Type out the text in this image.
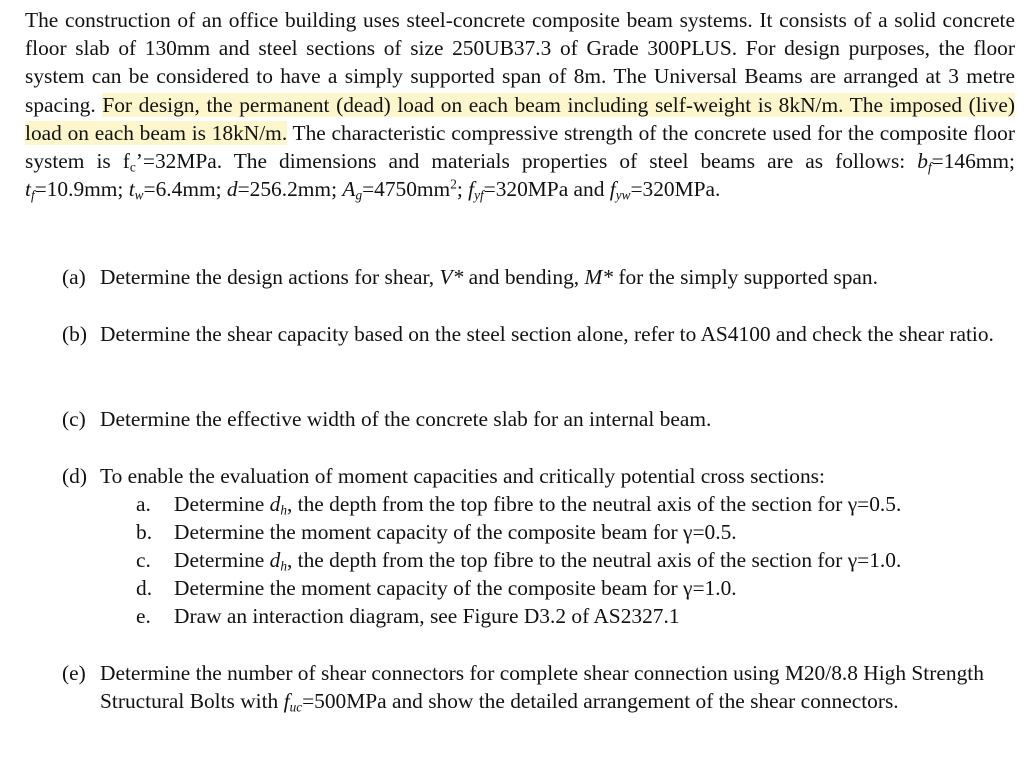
The construction of an office building uses steel-concrete composite beam systems. It consists of a solid concrete floor slab of 130mm and steel sections of size 250UB37.3 of Grade 300PLUS. For design purposes, the floor system can be considered to have a simply supported span of 8m. The Universal Beams are arranged at 3 metre spacing. For design, the permanent (dead) load on each beam including self-weight is 8kN/m. The imposed (live) load on each beam is 18kN/m. The characteristic compressive strength of the concrete used for the composite floor system is $f_c’=32MPa$. The dimensions and materials properties of steel beams are as follows: $b_f=146mm$; $t_f=10.9mm$; $t_w=6.4mm$; d=256.2mm; $A_g=4750mm^2$; $f_{yf}=320MPa$ and $f_{yw}=320MPa$.
(a) Determine the design actions for shear, V* and bending, M* for the simply supported span.
(b) Determine the shear capacity based on the steel section alone, refer to AS4100 and check the shear ratio.
(c) Determine the effective width of the concrete slab for an internal beam.
(d) To enable the evaluation of moment capacities and critically potential cross sections:
a. Determine $d_h$, the depth from the top fibre to the neutral axis of the section for γ=0.5.
b. Determine the moment capacity of the composite beam for γ=0.5.
c. Determine $d_h$, the depth from the top fibre to the neutral axis of the section for γ=1.0.
d. Determine the moment capacity of the composite beam for γ=1.0.
e. Draw an interaction diagram, see Figure D3.2 of AS2327.1
(e) Determine the number of shear connectors for complete shear connection using M20/8.8 High Strength Structural Bolts with $f_{uc}=500MPa$ and show the detailed arrangement of the shear connectors.
